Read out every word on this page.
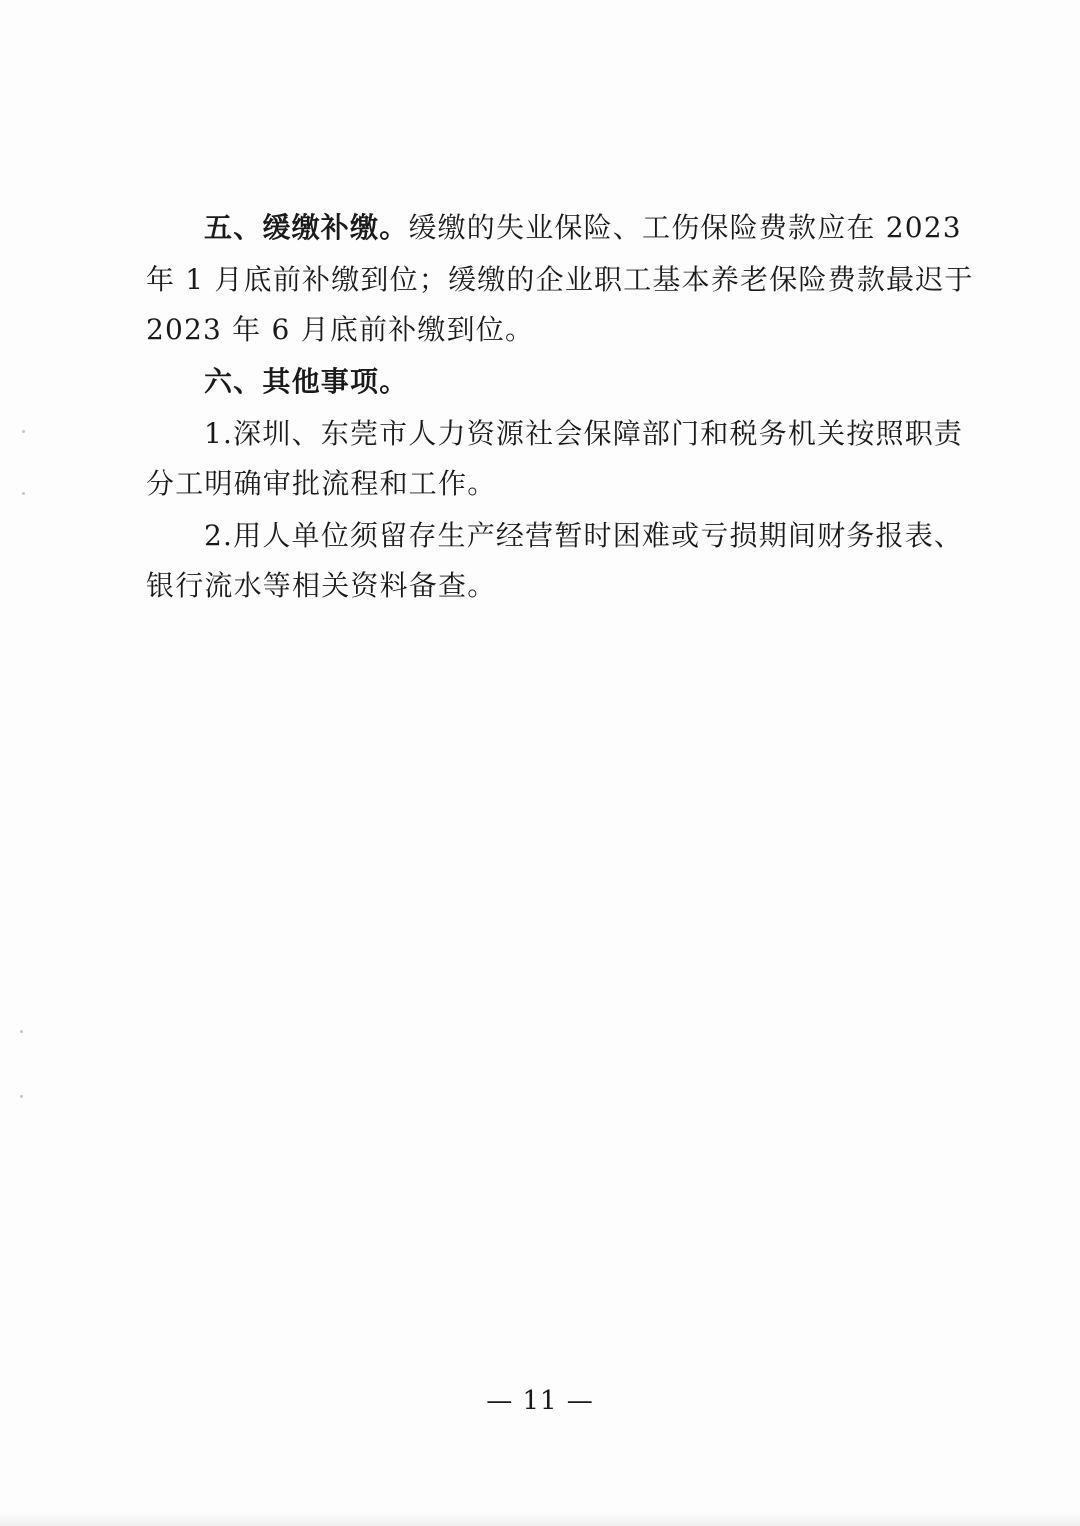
五、缓缴补缴。缓缴的失业保险、工伤保险费款应在 2023
年 1 月底前补缴到位；缓缴的企业职工基本养老保险费款最迟于
2023 年 6 月底前补缴到位。
六、其他事项。
1.深圳、东莞市人力资源社会保障部门和税务机关按照职责
分工明确审批流程和工作。
2.用人单位须留存生产经营暂时困难或亏损期间财务报表、
银行流水等相关资料备查。
— 11 —
